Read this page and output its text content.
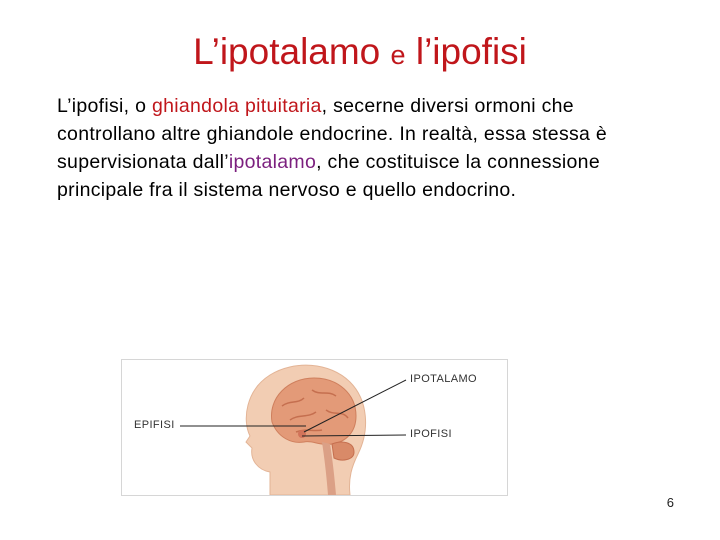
L’ipotalamo e l’ipofisi

L’ipofisi, o ghiandola pituitaria, secerne diversi ormoni che controllano altre ghiandole endocrine. In realtà, essa stessa è supervisionata dall’ipotalamo, che costituisce la connessione principale fra il sistema nervoso e quello endocrino.

IPOTALAMO
EPIFISI
IPOFISI
6
